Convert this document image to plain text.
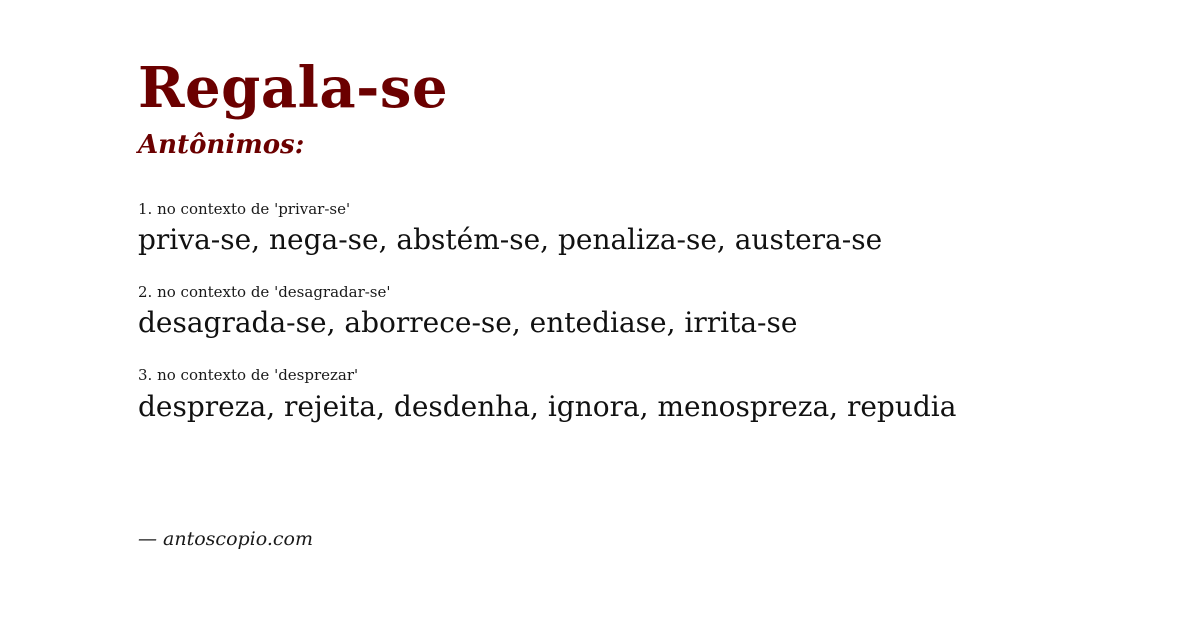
Regala-se
Antônimos:
1. no contexto de 'privar-se'
priva-se, nega-se, abstém-se, penaliza-se, austera-se
2. no contexto de 'desagradar-se'
desagrada-se, aborrece-se, entediase, irrita-se
3. no contexto de 'desprezar'
despreza, rejeita, desdenha, ignora, menospreza, repudia
— antoscopio.com
